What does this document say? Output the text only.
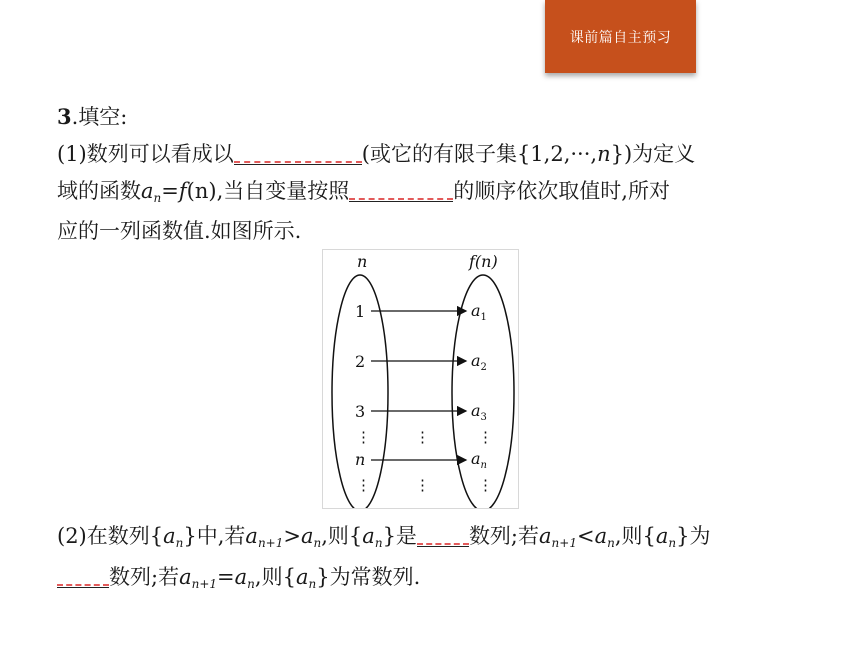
课前篇自主预习

3.填空:

(1)数列可以看成以	(或它的有限子集{1,2,···,n})为定义
域的函数an=f(n),当自变量按照	的顺序依次取值时,所对
应的一列函数值.如图所示.

n	f(n)
1
2
3
n
$a_1$
$a_2$
$a_3$
$a_n$
⋮
⋮
⋮
⋮
⋮
⋮
(2)在数列{an}中,若an+1>an,则{an}是 数列;若an+1<an,则{an}为

数列;若an+1=an,则{an}为常数列.
